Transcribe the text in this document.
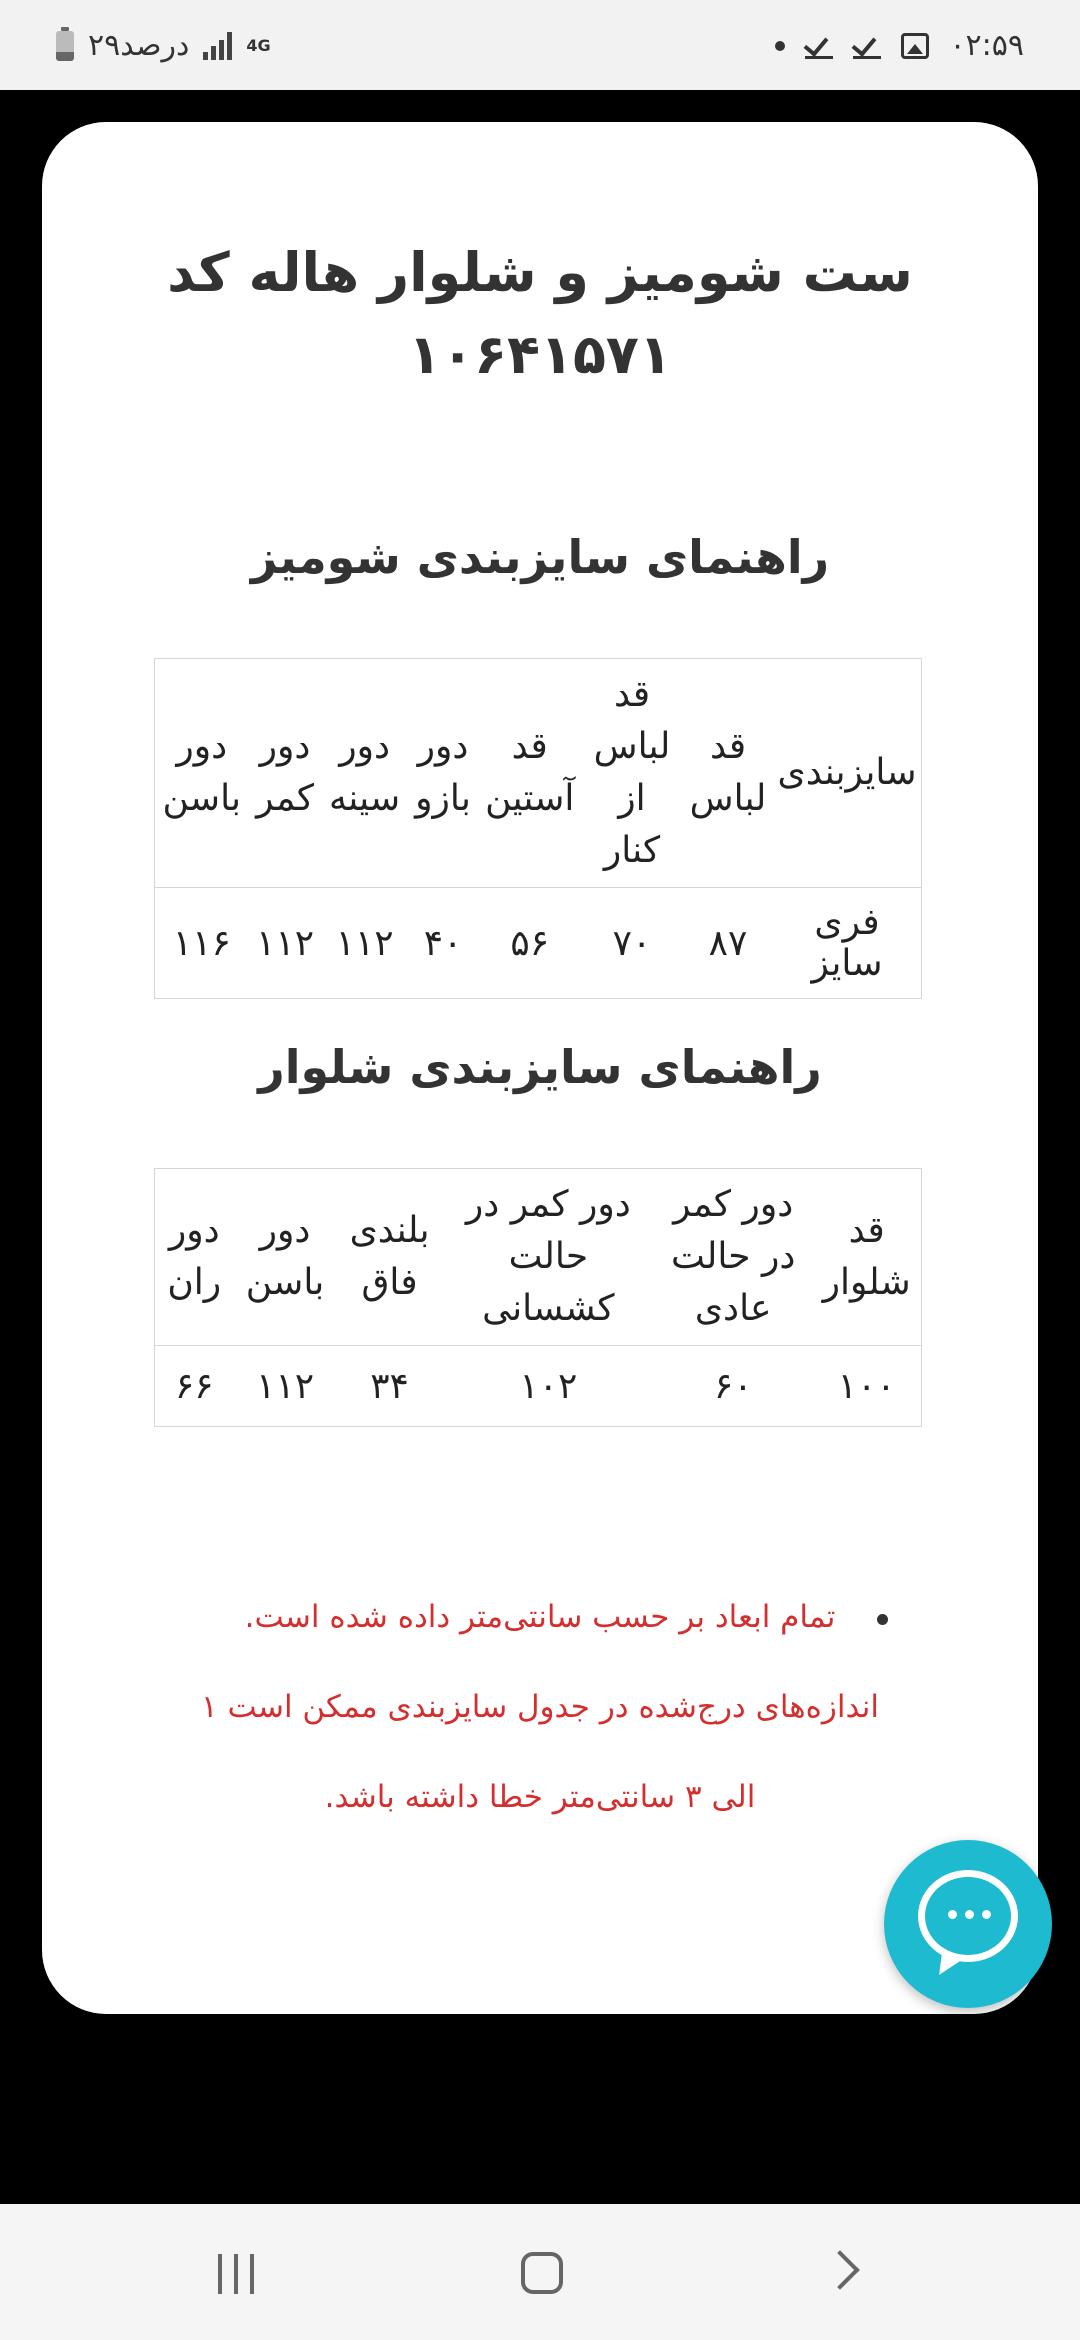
۲۹درصد	4G	۰۲:۵۹
ست شومیز و شلوار هاله کد ۱۰۶۴۱۵۷۱
راهنمای سایزبندی شومیز
سایزبندی	قد لباس	قد لباس از کنار	قد آستین	دور بازو	دور سینه	دور کمر	دور باسن
فری سایز	۸۷	۷۰	۵۶	۴۰	۱۱۲	۱۱۲	۱۱۶
راهنمای سایزبندی شلوار
قد شلوار	دور کمر در حالت عادی	دور کمر در حالت کشسانی	بلندی فاق	دور باسن	دور ران
۱۰۰	۶۰	۱۰۲	۳۴	۱۱۲	۶۶
تمام ابعاد بر حسب سانتی‌متر داده شده است.
اندازه‌های درج‌شده در جدول سایزبندی ممکن است ۱
الی ۳ سانتی‌متر خطا داشته باشد.
